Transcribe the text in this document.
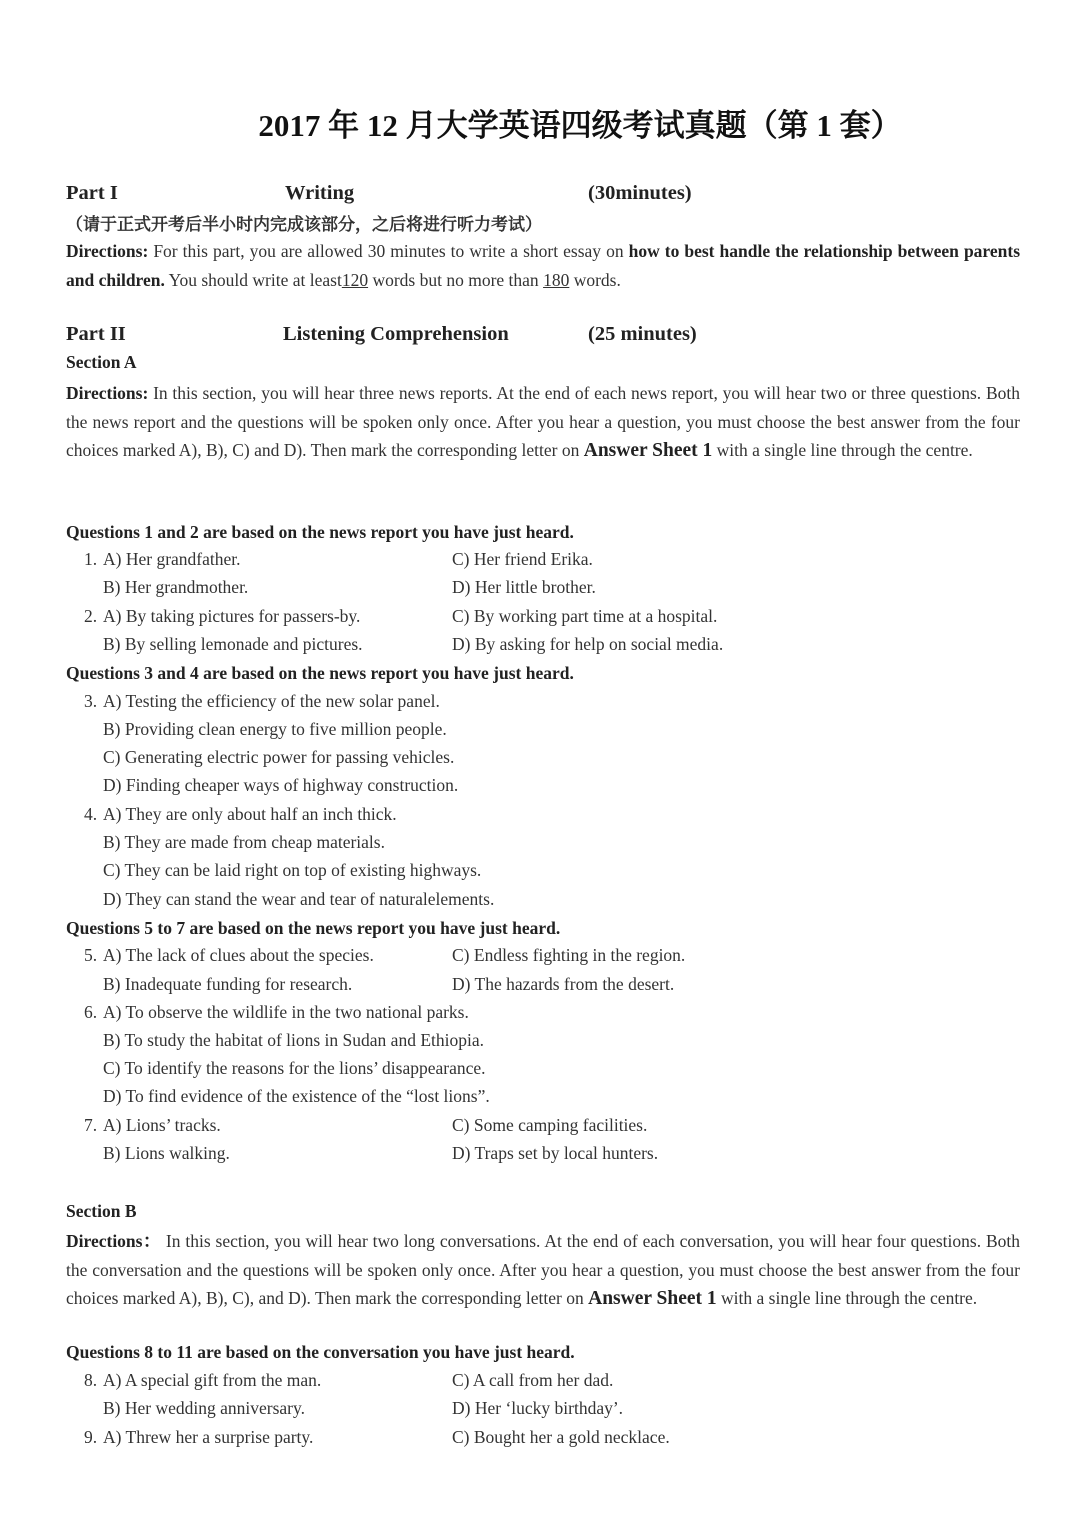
2017 年 12 月大学英语四级考试真题（第 1 套）
Part I	Writing	(30minutes)
（请于正式开考后半小时内完成该部分，之后将进行听力考试）
Directions: For this part, you are allowed 30 minutes to write a short essay on how to best handle the relationship between parents and children. You should write at least120 words but no more than 180 words.
Part II	Listening Comprehension	(25 minutes)
Section A
Directions: In this section, you will hear three news reports. At the end of each news report, you will hear two or three questions. Both the news report and the questions will be spoken only once. After you hear a question, you must choose the best answer from the four choices marked A), B), C) and D). Then mark the corresponding letter on Answer Sheet 1 with a single line through the centre.
Questions 1 and 2 are based on the news report you have just heard.
1. A) Her grandfather.	C) Her friend Erika.
B) Her grandmother.	D) Her little brother.
2. A) By taking pictures for passers-by.	C) By working part time at a hospital.
B) By selling lemonade and pictures.	D) By asking for help on social media.
Questions 3 and 4 are based on the news report you have just heard.
3. A) Testing the efficiency of the new solar panel.
B) Providing clean energy to five million people.
C) Generating electric power for passing vehicles.
D) Finding cheaper ways of highway construction.
4. A) They are only about half an inch thick.
B) They are made from cheap materials.
C) They can be laid right on top of existing highways.
D) They can stand the wear and tear of naturalelements.
Questions 5 to 7 are based on the news report you have just heard.
5. A) The lack of clues about the species.	C) Endless fighting in the region.
B) Inadequate funding for research.	D) The hazards from the desert.
6. A) To observe the wildlife in the two national parks.
B) To study the habitat of lions in Sudan and Ethiopia.
C) To identify the reasons for the lions’ disappearance.
D) To find evidence of the existence of the “lost lions”.
7. A) Lions’ tracks.	C) Some camping facilities.
B) Lions walking.	D) Traps set by local hunters.
Section B
Directions： In this section, you will hear two long conversations. At the end of each conversation, you will hear four questions. Both the conversation and the questions will be spoken only once. After you hear a question, you must choose the best answer from the four choices marked A), B), C), and D). Then mark the corresponding letter on Answer Sheet 1 with a single line through the centre.
Questions 8 to 11 are based on the conversation you have just heard.
8. A) A special gift from the man.	C) A call from her dad.
B) Her wedding anniversary.	D) Her ‘lucky birthday’.
9. A) Threw her a surprise party.	C) Bought her a gold necklace.
